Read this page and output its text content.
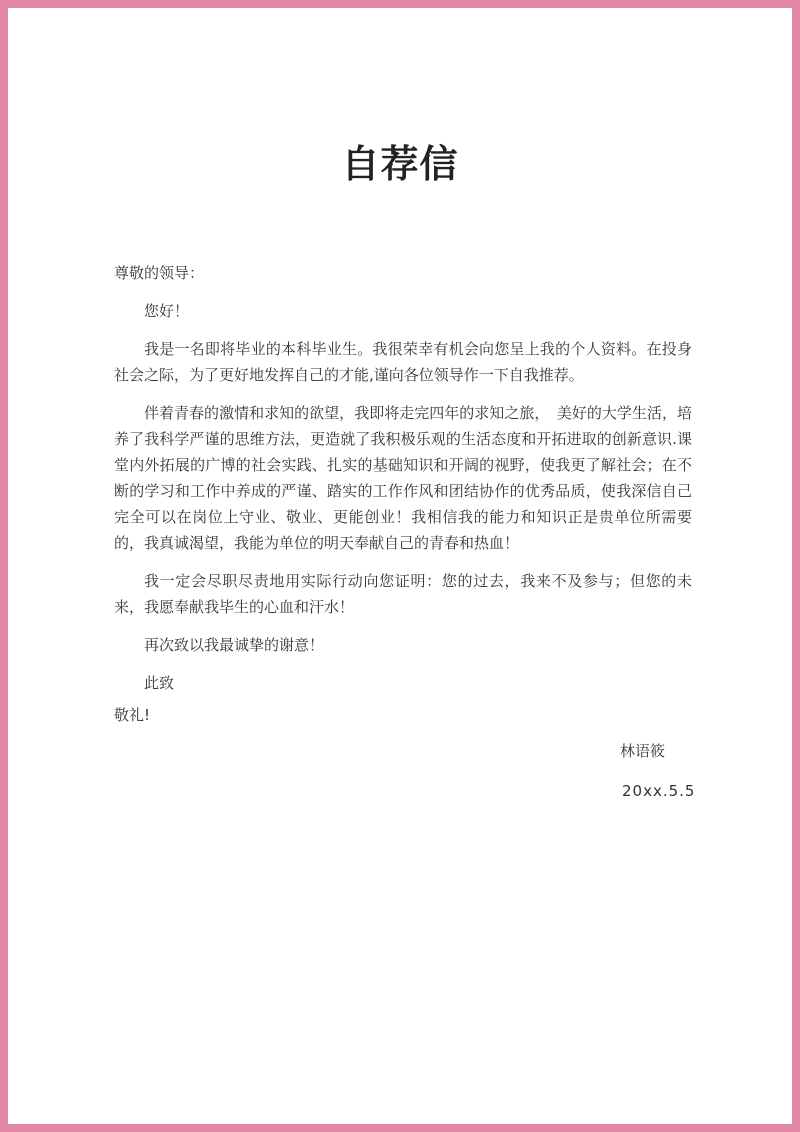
自荐信

尊敬的领导：

您好！

我是一名即将毕业的本科毕业生。我很荣幸有机会向您呈上我的个人资料。在投身社会之际，为了更好地发挥自己的才能,谨向各位领导作一下自我推荐。

伴着青春的激情和求知的欲望，我即将走完四年的求知之旅，　美好的大学生活，培养了我科学严谨的思维方法，更造就了我积极乐观的生活态度和开拓进取的创新意识.课堂内外拓展的广博的社会实践、扎实的基础知识和开阔的视野，使我更了解社会；在不断的学习和工作中养成的严谨、踏实的工作作风和团结协作的优秀品质，使我深信自己完全可以在岗位上守业、敬业、更能创业！我相信我的能力和知识正是贵单位所需要的，我真诚渴望，我能为单位的明天奉献自己的青春和热血！

我一定会尽职尽责地用实际行动向您证明：您的过去，我来不及参与；但您的未来，我愿奉献我毕生的心血和汗水！

再次致以我最诚挚的谢意！

此致

敬礼!

林语筱
20xx.5.5
